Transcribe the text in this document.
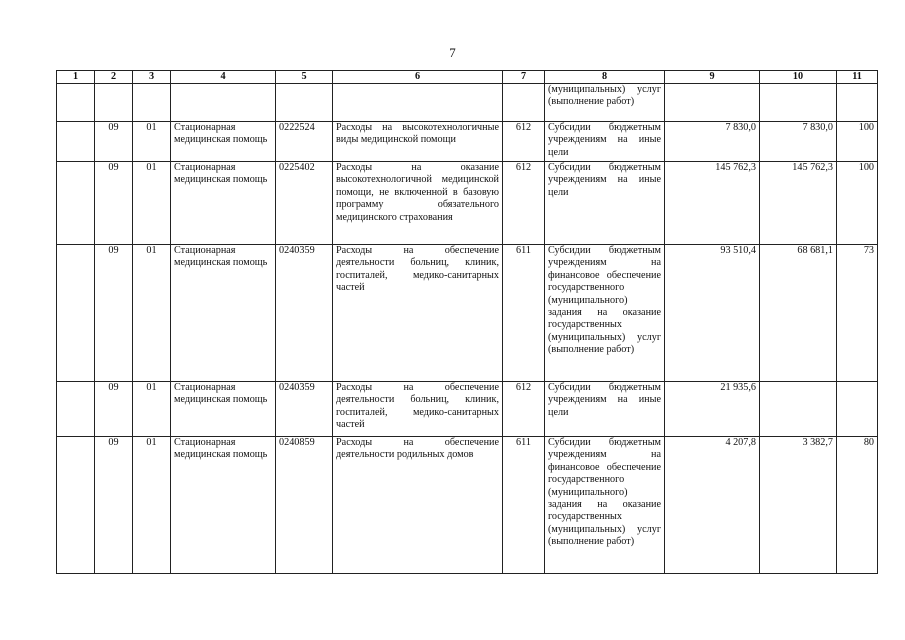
7
1	2	3	4	5	6	7	8	9	10	11
							(муниципальных) услуг (выполнение работ)			
	09	01	Стационарная медицинская помощь	0222524	Расходы на высокотехнологичные виды медицинской помощи	612	Субсидии бюджетным учреждениям на иные цели	7 830,0	7 830,0	100
	09	01	Стационарная медицинская помощь	0225402	Расходы на оказание высокотехнологичной медицинской помощи, не включенной в базовую программу обязательного медицинского страхования	612	Субсидии бюджетным учреждениям на иные цели	145 762,3	145 762,3	100
	09	01	Стационарная медицинская помощь	0240359	Расходы на обеспечение деятельности больниц, клиник, госпиталей, медико-санитарных частей	611	Субсидии бюджетным учреждениям на финансовое обеспечение государственного (муниципального) задания на оказание государственных (муниципальных) услуг (выполнение работ)	93 510,4	68 681,1	73
	09	01	Стационарная медицинская помощь	0240359	Расходы на обеспечение деятельности больниц, клиник, госпиталей, медико-санитарных частей	612	Субсидии бюджетным учреждениям на иные цели	21 935,6		
	09	01	Стационарная медицинская помощь	0240859	Расходы на обеспечение деятельности родильных домов	611	Субсидии бюджетным учреждениям на финансовое обеспечение государственного (муниципального) задания на оказание государственных (муниципальных) услуг (выполнение работ)	4 207,8	3 382,7	80
